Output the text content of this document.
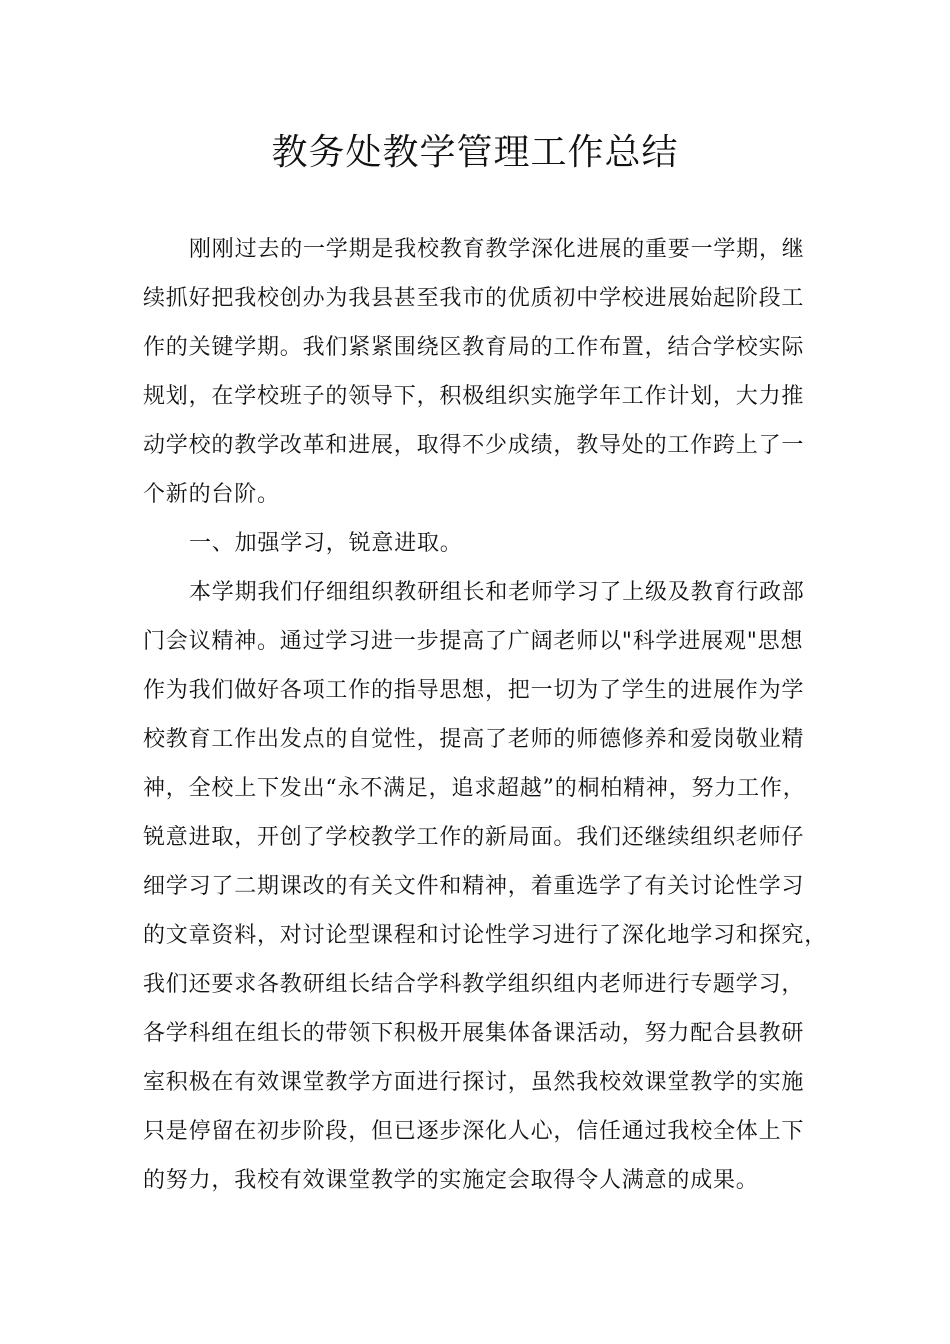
教务处教学管理工作总结
刚刚过去的一学期是我校教育教学深化进展的重要一学期，继
续抓好把我校创办为我县甚至我市的优质初中学校进展始起阶段工
作的关键学期。我们紧紧围绕区教育局的工作布置，结合学校实际
规划，在学校班子的领导下，积极组织实施学年工作计划，大力推
动学校的教学改革和进展，取得不少成绩，教导处的工作跨上了一
个新的台阶。
一、加强学习，锐意进取。
本学期我们仔细组织教研组长和老师学习了上级及教育行政部
门会议精神。通过学习进一步提高了广阔老师以"科学进展观"思想
作为我们做好各项工作的指导思想，把一切为了学生的进展作为学
校教育工作出发点的自觉性，提高了老师的师德修养和爱岗敬业精
神，全校上下发出“永不满足，追求超越”的桐柏精神，努力工作，
锐意进取，开创了学校教学工作的新局面。我们还继续组织老师仔
细学习了二期课改的有关文件和精神，着重选学了有关讨论性学习
的文章资料，对讨论型课程和讨论性学习进行了深化地学习和探究，
我们还要求各教研组长结合学科教学组织组内老师进行专题学习，
各学科组在组长的带领下积极开展集体备课活动，努力配合县教研
室积极在有效课堂教学方面进行探讨，虽然我校效课堂教学的实施
只是停留在初步阶段，但已逐步深化人心，信任通过我校全体上下
的努力，我校有效课堂教学的实施定会取得令人满意的成果。
